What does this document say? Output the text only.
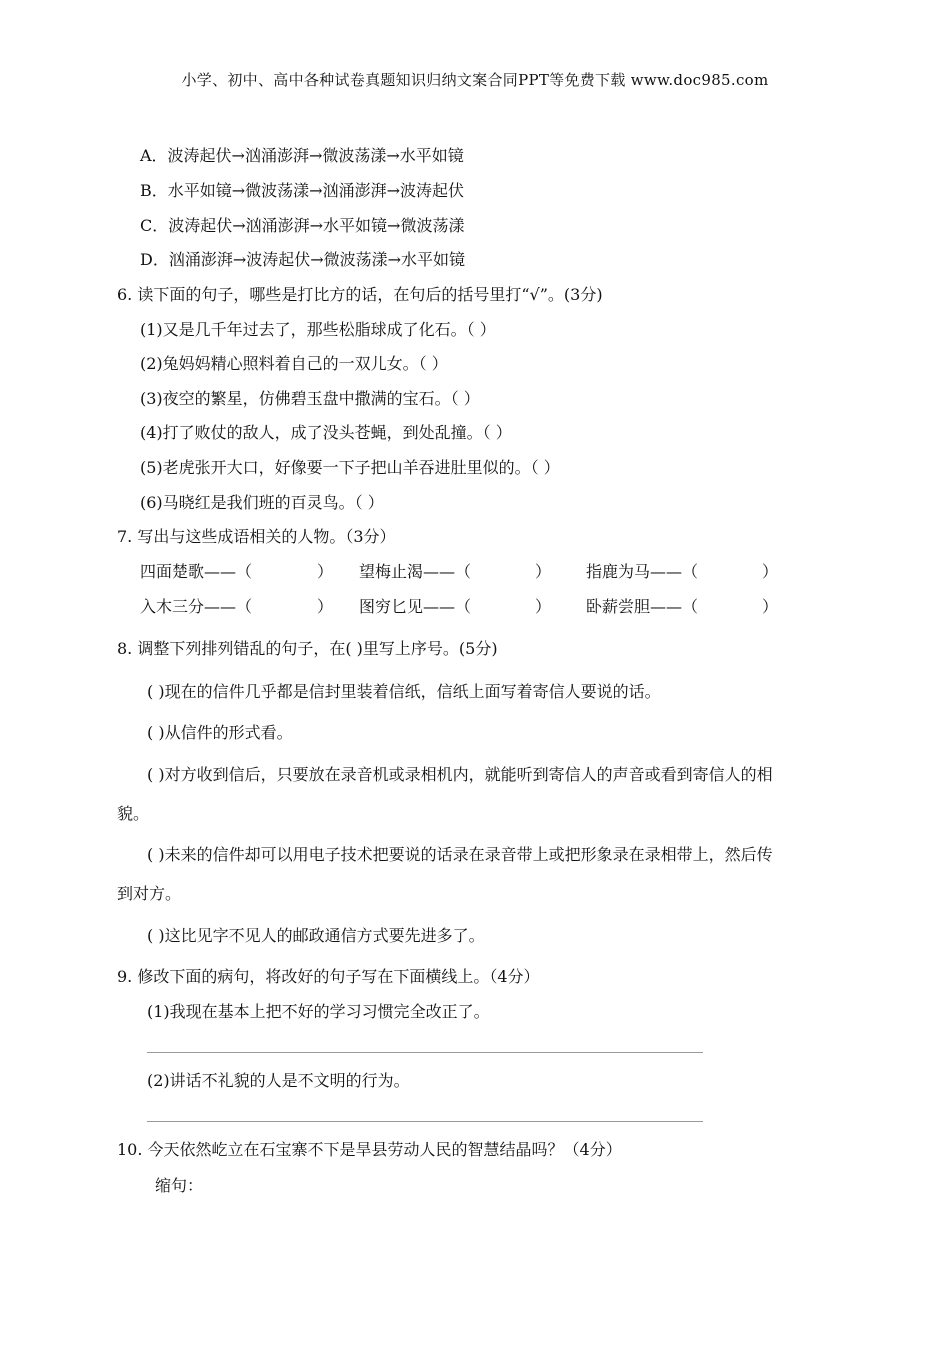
小学、初中、高中各种试卷真题知识归纳文案合同PPT等免费下载 www.doc985.com
A．波涛起伏→汹涌澎湃→微波荡漾→水平如镜
B．水平如镜→微波荡漾→汹涌澎湃→波涛起伏
C．波涛起伏→汹涌澎湃→水平如镜→微波荡漾
D．汹涌澎湃→波涛起伏→微波荡漾→水平如镜
6. 读下面的句子，哪些是打比方的话，在句后的括号里打“√”。(3分)
(1)又是几千年过去了，那些松脂球成了化石。（ ）
(2)兔妈妈精心照料着自己的一双儿女。（ ）
(3)夜空的繁星，仿佛碧玉盘中撒满的宝石。（ ）
(4)打了败仗的敌人，成了没头苍蝇，到处乱撞。（ ）
(5)老虎张开大口，好像要一下子把山羊吞进肚里似的。（ ）
(6)马晓红是我们班的百灵鸟。（ ）
7. 写出与这些成语相关的人物。（3分）
四面楚歌——（	） 望梅止渴——（	） 指鹿为马——（	）
入木三分——（	） 图穷匕见——（	） 卧薪尝胆——（	）
8. 调整下列排列错乱的句子，在( )里写上序号。(5分)
( )现在的信件几乎都是信封里装着信纸，信纸上面写着寄信人要说的话。
( )从信件的形式看。
( )对方收到信后，只要放在录音机或录相机内，就能听到寄信人的声音或看到寄信人的相
貌。
( )未来的信件却可以用电子技术把要说的话录在录音带上或把形象录在录相带上，然后传
到对方。
( )这比见字不见人的邮政通信方式要先进多了。
9. 修改下面的病句，将改好的句子写在下面横线上。（4分）
(1)我现在基本上把不好的学习习惯完全改正了。
(2)讲话不礼貌的人是不文明的行为。
10. 今天依然屹立在石宝寨不下是旱县劳动人民的智慧结晶吗？（4分）
缩句：
